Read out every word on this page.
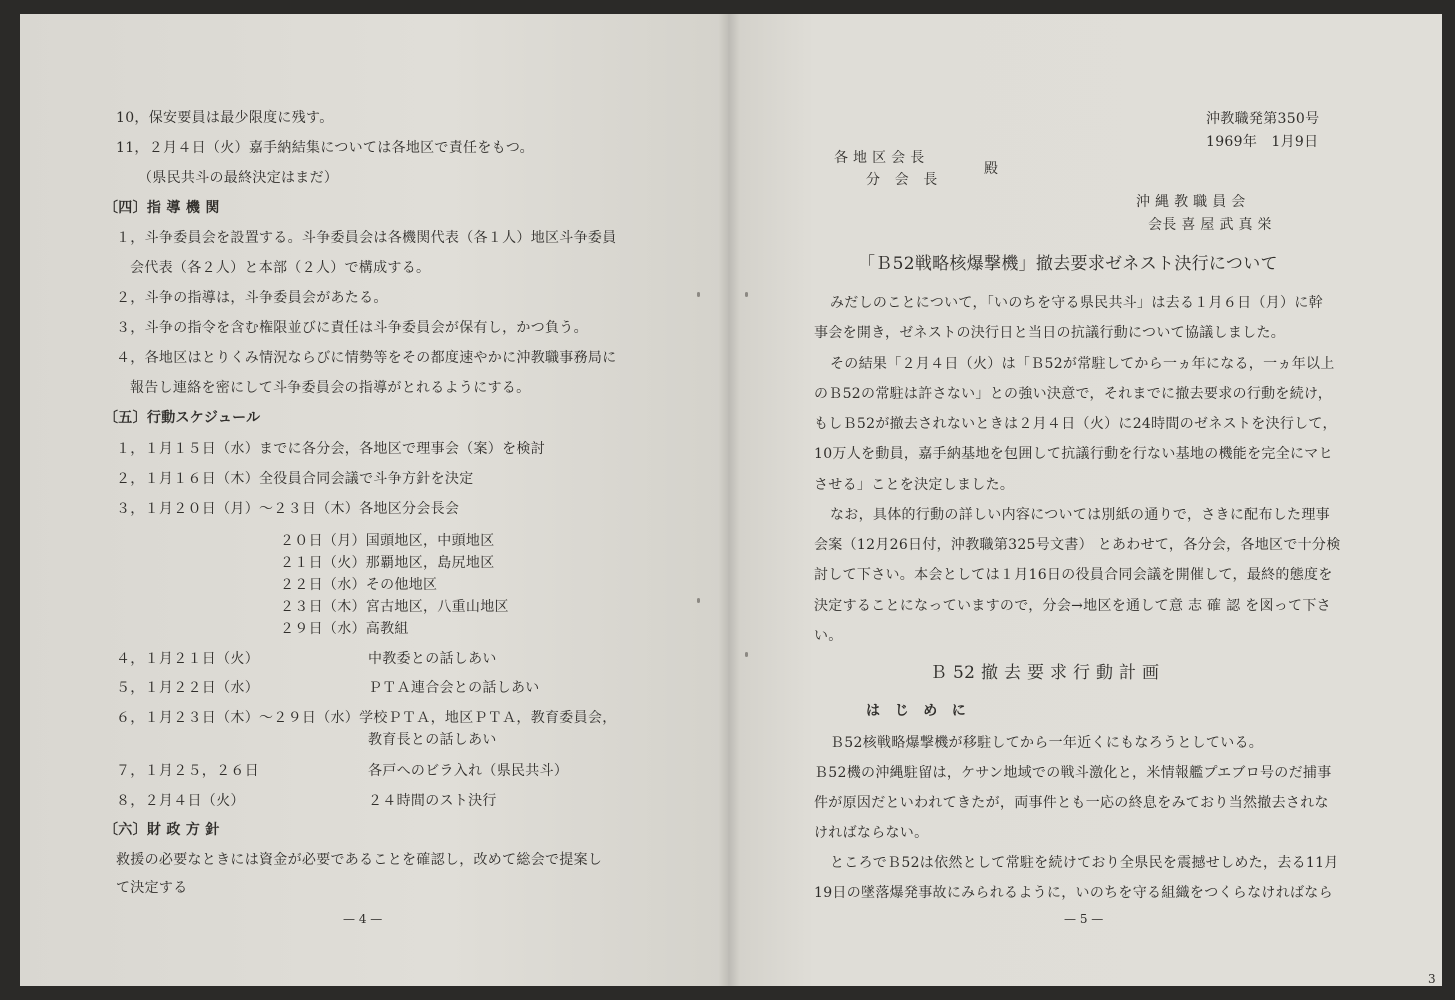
10，保安要員は最少限度に残す。
11，２月４日（火）嘉手納結集については各地区で責任をもつ。
（県民共斗の最終決定はまだ）
〔四〕指 導 機 関
１，斗争委員会を設置する。斗争委員会は各機関代表（各１人）地区斗争委員
会代表（各２人）と本部（２人）で構成する。
２，斗争の指導は，斗争委員会があたる。
３，斗争の指令を含む権限並びに責任は斗争委員会が保有し，かつ負う。
４，各地区はとりくみ情況ならびに情勢等をその都度速やかに沖教職事務局に
報告し連絡を密にして斗争委員会の指導がとれるようにする。
〔五〕行動スケジュール
１，１月１５日（水）までに各分会，各地区で理事会（案）を検討
２，１月１６日（木）全役員合同会議で斗争方針を決定
３，１月２０日（月）～２３日（木）各地区分会長会
２０日（月）国頭地区，中頭地区
２１日（火）那覇地区，島尻地区
２２日（水）その他地区
２３日（木）宮古地区，八重山地区
２９日（水）高教組
４，１月２１日（火）	中教委との話しあい
５，１月２２日（水）	ＰＴＡ連合会との話しあい
６，１月２３日（木）～２９日（水）学校ＰＴＡ，地区ＰＴＡ，教育委員会，
教育長との話しあい
７，１月２５，２６日	各戸へのビラ入れ（県民共斗）
８，２月４日（火）	２４時間のスト決行
〔六〕財 政 方 針
救援の必要なときには資金が必要であることを確認し，改めて総会で提案し
て決定する
— 4 —
沖教職発第350号
1969年　1月9日
各 地 区 会 長
分　会　長
殿
沖 縄 教 職 員 会
会長 喜 屋 武 真 栄
「Ｂ52戦略核爆撃機」撤去要求ゼネスト決行について
みだしのことについて，「いのちを守る県民共斗」は去る１月６日（月）に幹
事会を開き，ゼネストの決行日と当日の抗議行動について協議しました。
その結果「２月４日（火）は「Ｂ52が常駐してから一ヵ年になる，一ヵ年以上
のＢ52の常駐は許さない」との強い決意で，それまでに撤去要求の行動を続け，
もしＢ52が撤去されないときは２月４日（火）に24時間のゼネストを決行して，
10万人を動員，嘉手納基地を包囲して抗議行動を行ない基地の機能を完全にマヒ
させる」ことを決定しました。
なお，具体的行動の詳しい内容については別紙の通りで，さきに配布した理事
会案（12月26日付，沖教職第325号文書） とあわせて，各分会，各地区で十分検
討して下さい。本会としては１月16日の役員合同会議を開催して，最終的態度を
決定することになっていますので，分会→地区を通して意 志 確 認 を図って下さ
い。
Ｂ 52 撤 去 要 求 行 動 計 画
は　じ　め　に
Ｂ52核戦略爆撃機が移駐してから一年近くにもなろうとしている。
Ｂ52機の沖縄駐留は，ケサン地域での戦斗激化と，米情報艦プエブロ号のだ捕事
件が原因だといわれてきたが，両事件とも一応の終息をみており当然撤去されな
ければならない。
ところでＢ52は依然として常駐を続けており全県民を震撼せしめた，去る11月
19日の墜落爆発事故にみられるように，いのちを守る組織をつくらなければなら
— 5 —
3
